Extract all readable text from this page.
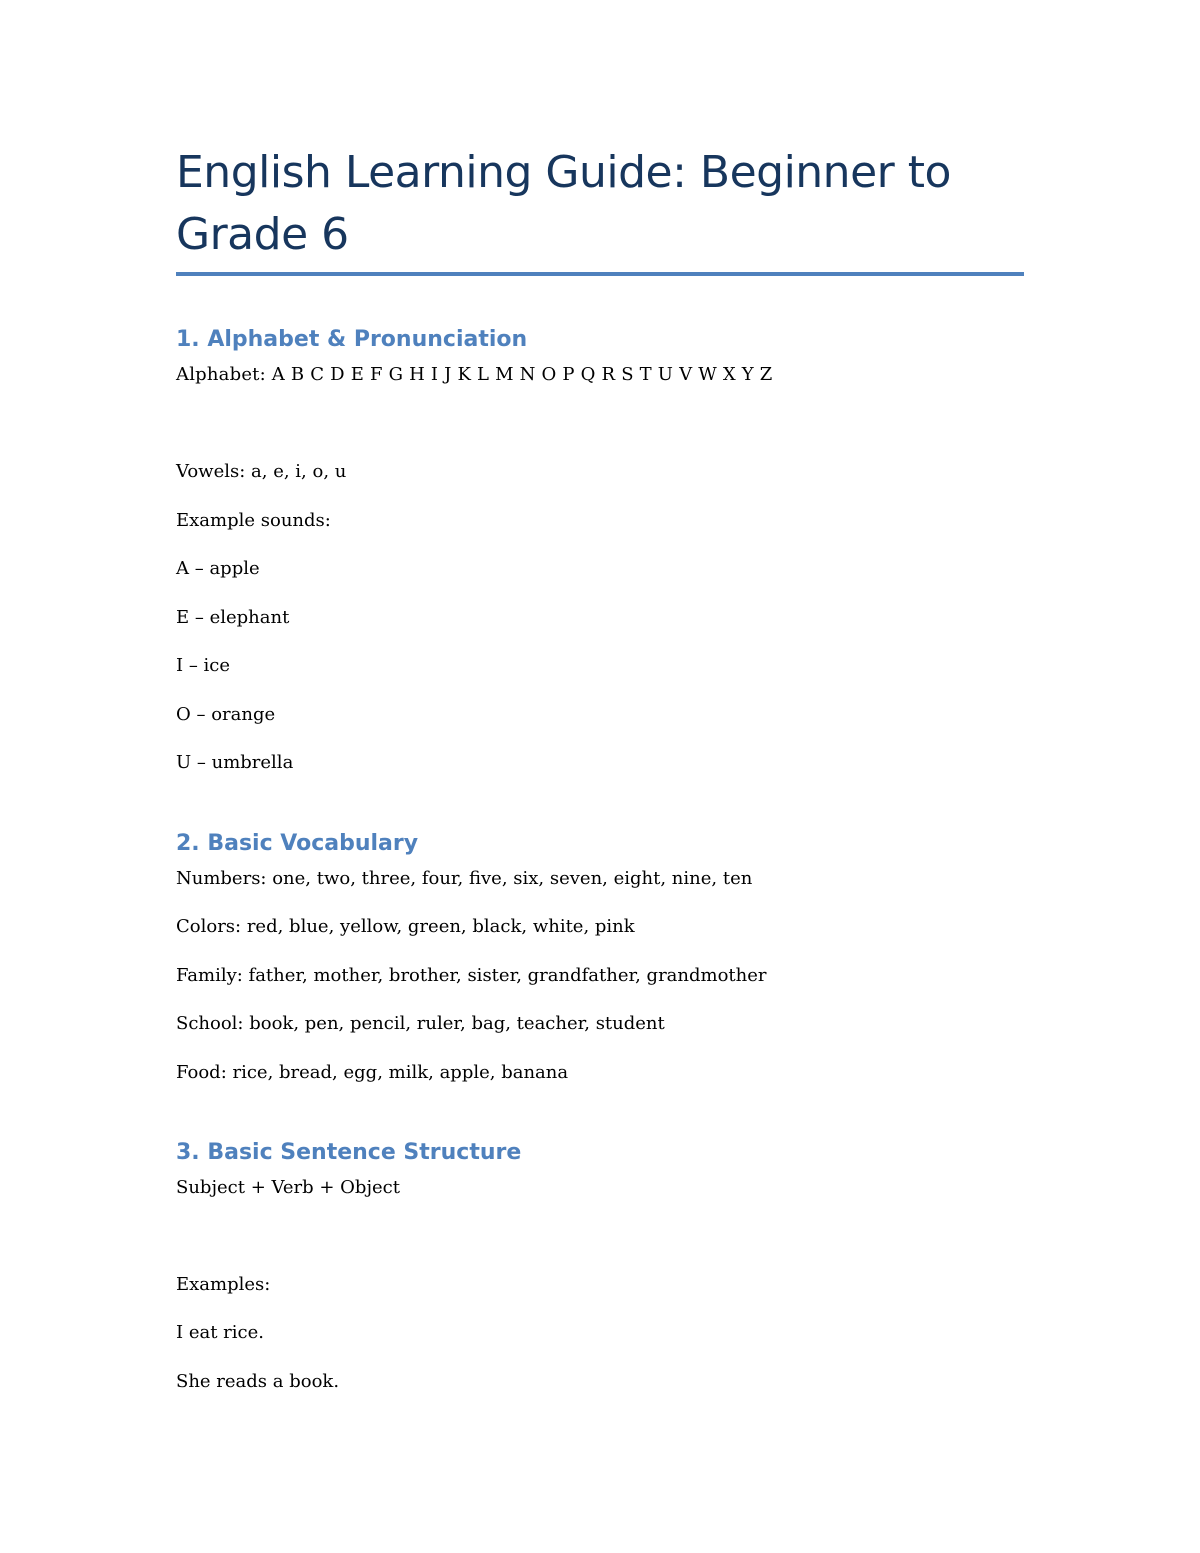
English Learning Guide: Beginner to Grade 6
1. Alphabet & Pronunciation

Alphabet: A B C D E F G H I J K L M N O P Q R S T U V W X Y Z

Vowels: a, e, i, o, u

Example sounds:

A – apple

E – elephant

I – ice

O – orange

U – umbrella

2. Basic Vocabulary

Numbers: one, two, three, four, five, six, seven, eight, nine, ten

Colors: red, blue, yellow, green, black, white, pink

Family: father, mother, brother, sister, grandfather, grandmother

School: book, pen, pencil, ruler, bag, teacher, student

Food: rice, bread, egg, milk, apple, banana

3. Basic Sentence Structure

Subject + Verb + Object

Examples:

I eat rice.

She reads a book.
